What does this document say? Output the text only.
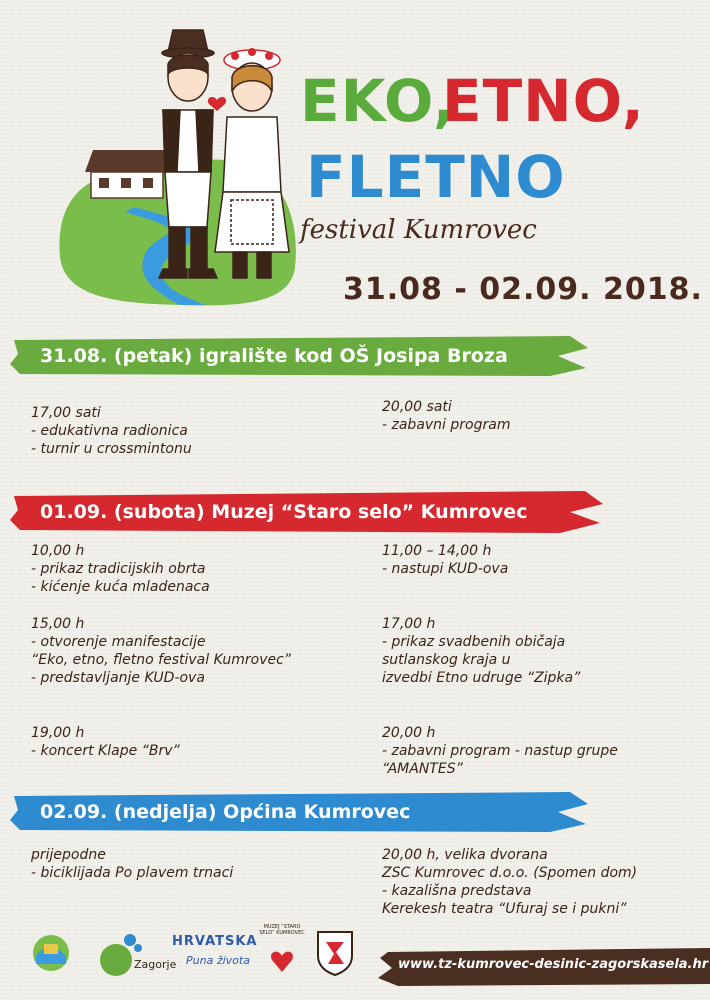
EKO,
ETNO,
FLETNO
festival Kumrovec
31.08 - 02.09. 2018.
31.08. (petak) igralište kod OŠ Josipa Broza
17,00 sati
- edukativna radionica
- turnir u crossmintonu
20,00 sati
- zabavni program
01.09. (subota) Muzej “Staro selo” Kumrovec
10,00 h
- prikaz tradicijskih obrta
- kićenje kuća mladenaca
11,00 – 14,00 h
- nastupi KUD-ova
15,00 h
- otvorenje manifestacije
“Eko, etno, fletno festival Kumrovec”
- predstavljanje KUD-ova
17,00 h
- prikaz svadbenih običaja
sutlanskog kraja u
izvedbi Etno udruge “Zipka”
19,00 h
- koncert Klape “Brv”
20,00 h
- zabavni program - nastup grupe
“AMANTES”
02.09. (nedjelja) Općina Kumrovec
prijepodne
- biciklijada Po plavem trnaci
20,00 h, velika dvorana
ZSC Kumrovec d.o.o. (Spomen dom)
- kazališna predstava
Kerekesh teatra “Ufuraj se i pukni”
Zagorje
HRVATSKA
Puna života
MUZEJ “STARO SELO” KUMROVEC
www.tz-kumrovec-desinic-zagorskasela.hr
